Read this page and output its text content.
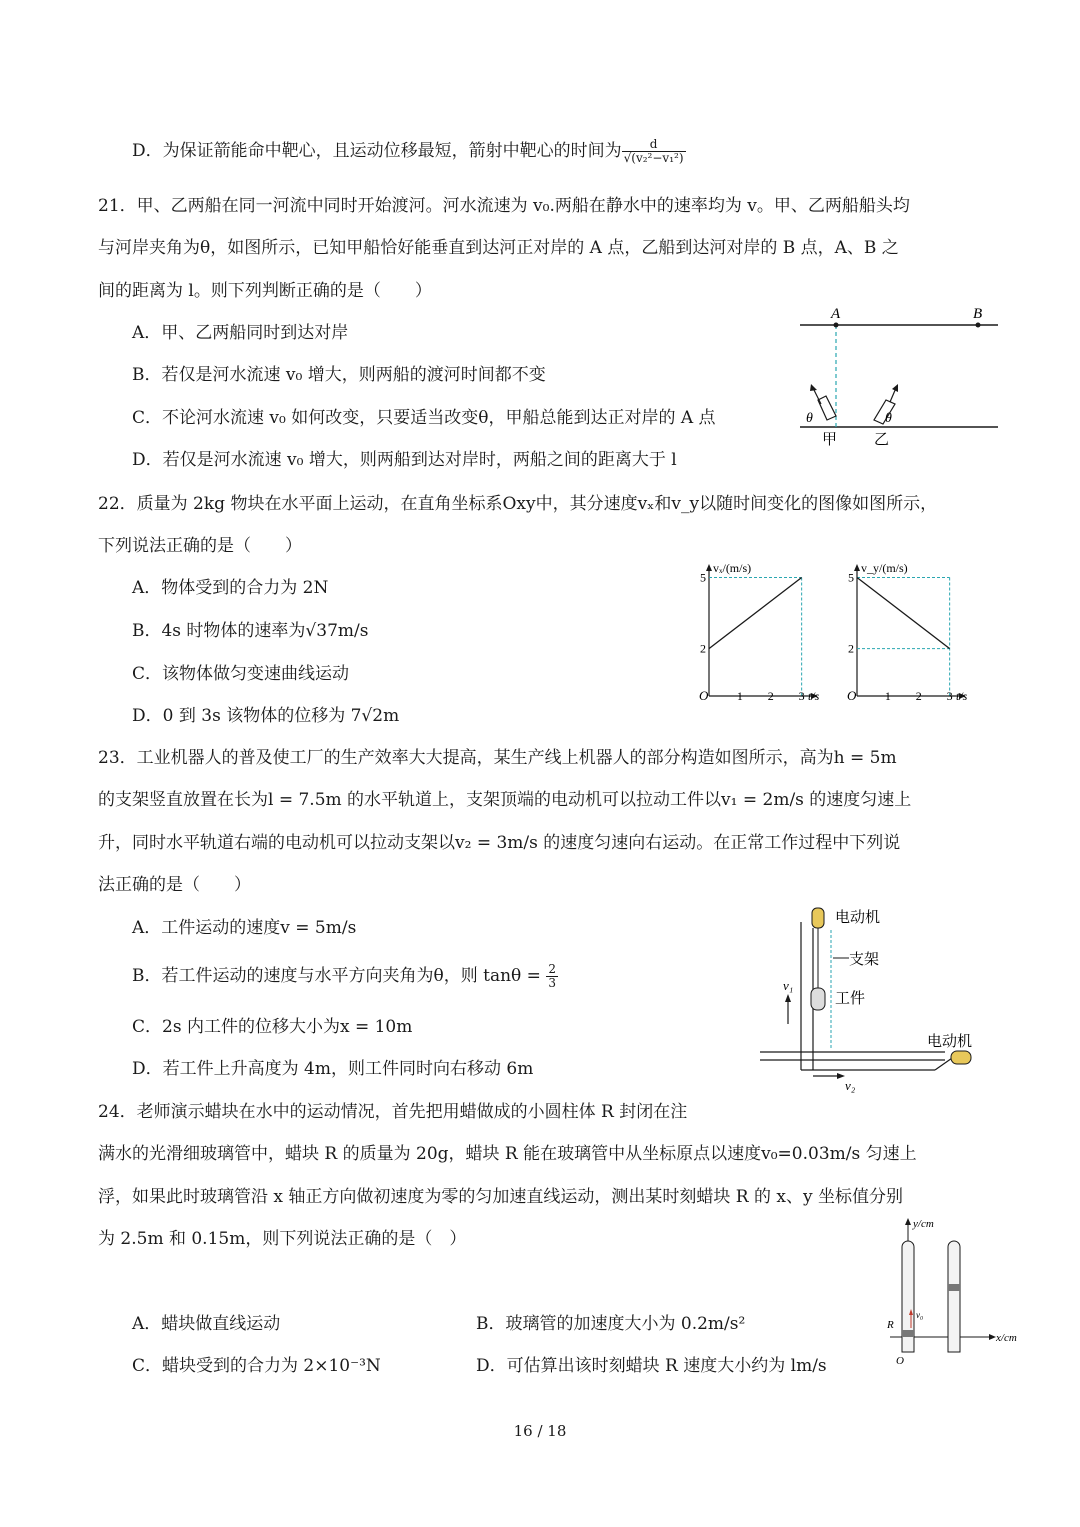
D．为保证箭能命中靶心，且运动位移最短，箭射中靶心的时间为 $\frac{d}{\text{√(v₂²−v₁²)}}$
21．甲、乙两船在同一河流中同时开始渡河。河水流速为 v₀.两船在静水中的速率均为 v。甲、乙两船船头均
与河岸夹角为θ，如图所示，已知甲船恰好能垂直到达河正对岸的 A 点，乙船到达河对岸的 B 点，A、B 之
间的距离为 l。则下列判断正确的是（　　）
A．甲、乙两船同时到达对岸
B．若仅是河水流速 v₀ 增大，则两船的渡河时间都不变
C．不论河水流速 v₀ 如何改变，只要适当改变θ，甲船总能到达正对岸的 A 点
D．若仅是河水流速 v₀ 增大，则两船到达对岸时，两船之间的距离大于 l
A	B
θ	θ
甲 乙
22．质量为 2kg 物块在水平面上运动，在直角坐标系Oxy中，其分速度vₓ和v_y以随时间变化的图像如图所示，
下列说法正确的是（　　）
A．物体受到的合力为 2N
B．4s 时物体的速率为√37m/s
C．该物体做匀变速曲线运动
D．0 到 3s 该物体的位移为 7√2m
vₓ/(m/s)
t/s
O 1 2 3
2
5
v_y/(m/s)
t/s
O 1 2 3
2
5
23．工业机器人的普及使工厂的生产效率大大提高，某生产线上机器人的部分构造如图所示，高为h = 5m
的支架竖直放置在长为l = 7.5m 的水平轨道上，支架顶端的电动机可以拉动工件以v₁ = 2m/s 的速度匀速上
升，同时水平轨道右端的电动机可以拉动支架以v₂ = 3m/s 的速度匀速向右运动。在正常工作过程中下列说
法正确的是（　　）
A．工件运动的速度v = 5m/s
B．若工件运动的速度与水平方向夹角为θ，则 $\tan\theta = \frac{2}{3}$
C．2s 内工件的位移大小为x = 10m
D．若工件上升高度为 4m，则工件同时向右移动 6m
电动机
支架
工件
v₁
电动机
v₂
24．老师演示蜡块在水中的运动情况，首先把用蜡做成的小圆柱体 R 封闭在注
满水的光滑细玻璃管中，蜡块 R 的质量为 20g，蜡块 R 能在玻璃管中从坐标原点以速度v₀=0.03m/s 匀速上
浮，如果此时玻璃管沿 x 轴正方向做初速度为零的匀加速直线运动，测出某时刻蜡块 R 的 x、y 坐标值分别
为 2.5m 和 0.15m，则下列说法正确的是（　）
A．蜡块做直线运动	B．玻璃管的加速度大小为 0.2m/s²
C．蜡块受到的合力为 2×10⁻³N	D．可估算出该时刻蜡块 R 速度大小约为 lm/s
y/cm
x/cm
v₀
R
O
16 / 18
